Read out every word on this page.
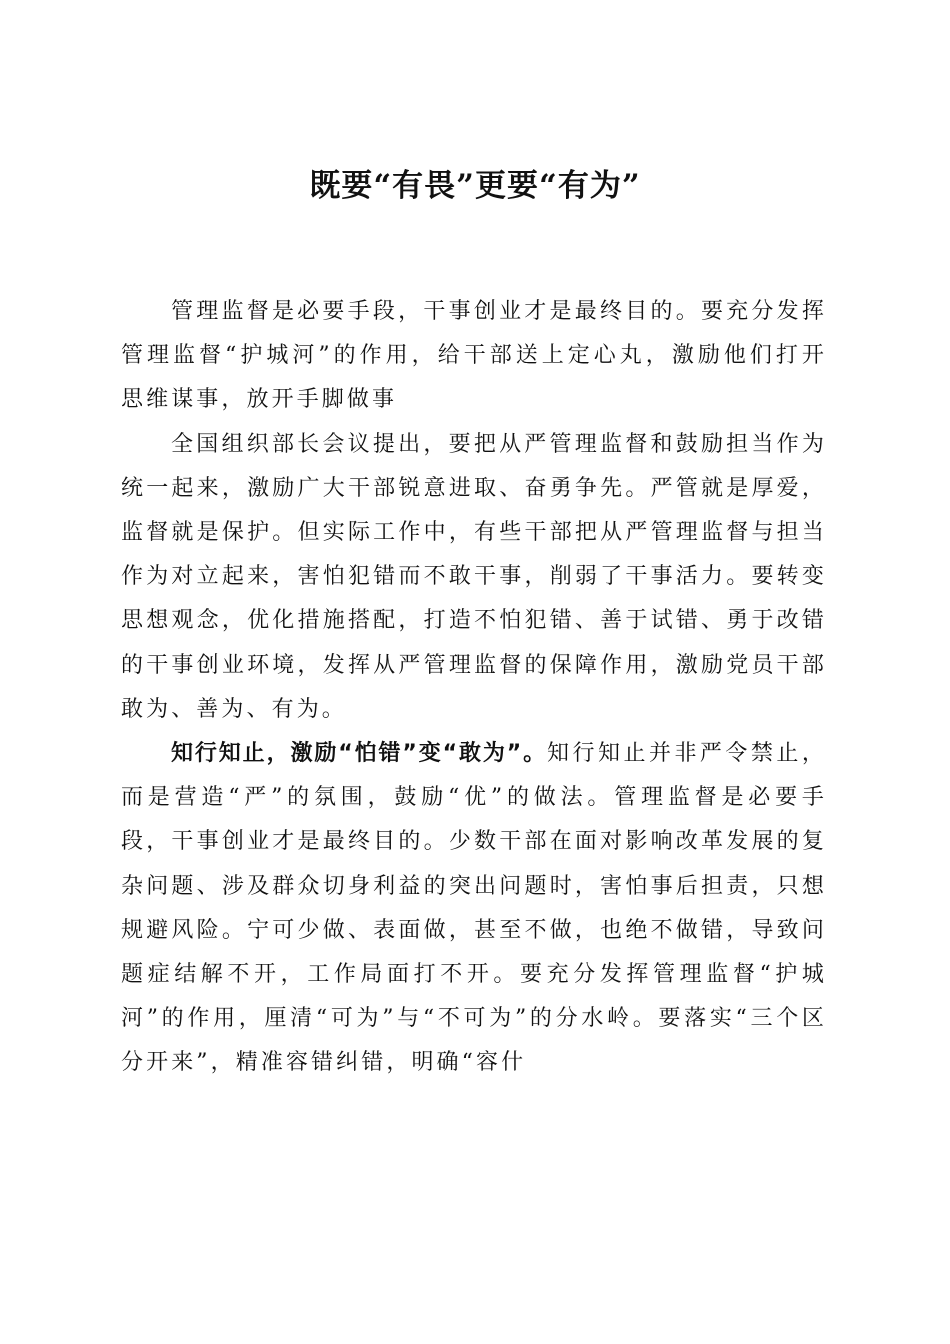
既要“有畏”更要“有为”

管理监督是必要手段，干事创业才是最终目的。要充分发挥管理监督“护城河”的作用，给干部送上定心丸，激励他们打开思维谋事，放开手脚做事

全国组织部长会议提出，要把从严管理监督和鼓励担当作为统一起来，激励广大干部锐意进取、奋勇争先。严管就是厚爱，监督就是保护。但实际工作中，有些干部把从严管理监督与担当作为对立起来，害怕犯错而不敢干事，削弱了干事活力。要转变思想观念，优化措施搭配，打造不怕犯错、善于试错、勇于改错的干事创业环境，发挥从严管理监督的保障作用，激励党员干部敢为、善为、有为。

知行知止，激励“怕错”变“敢为”。知行知止并非严令禁止，而是营造“严”的氛围，鼓励“优”的做法。管理监督是必要手段，干事创业才是最终目的。少数干部在面对影响改革发展的复杂问题、涉及群众切身利益的突出问题时，害怕事后担责，只想规避风险。宁可少做、表面做，甚至不做，也绝不做错，导致问题症结解不开，工作局面打不开。要充分发挥管理监督“护城河”的作用，厘清“可为”与“不可为”的分水岭。要落实“三个区分开来”，精准容错纠错，明确“容什
